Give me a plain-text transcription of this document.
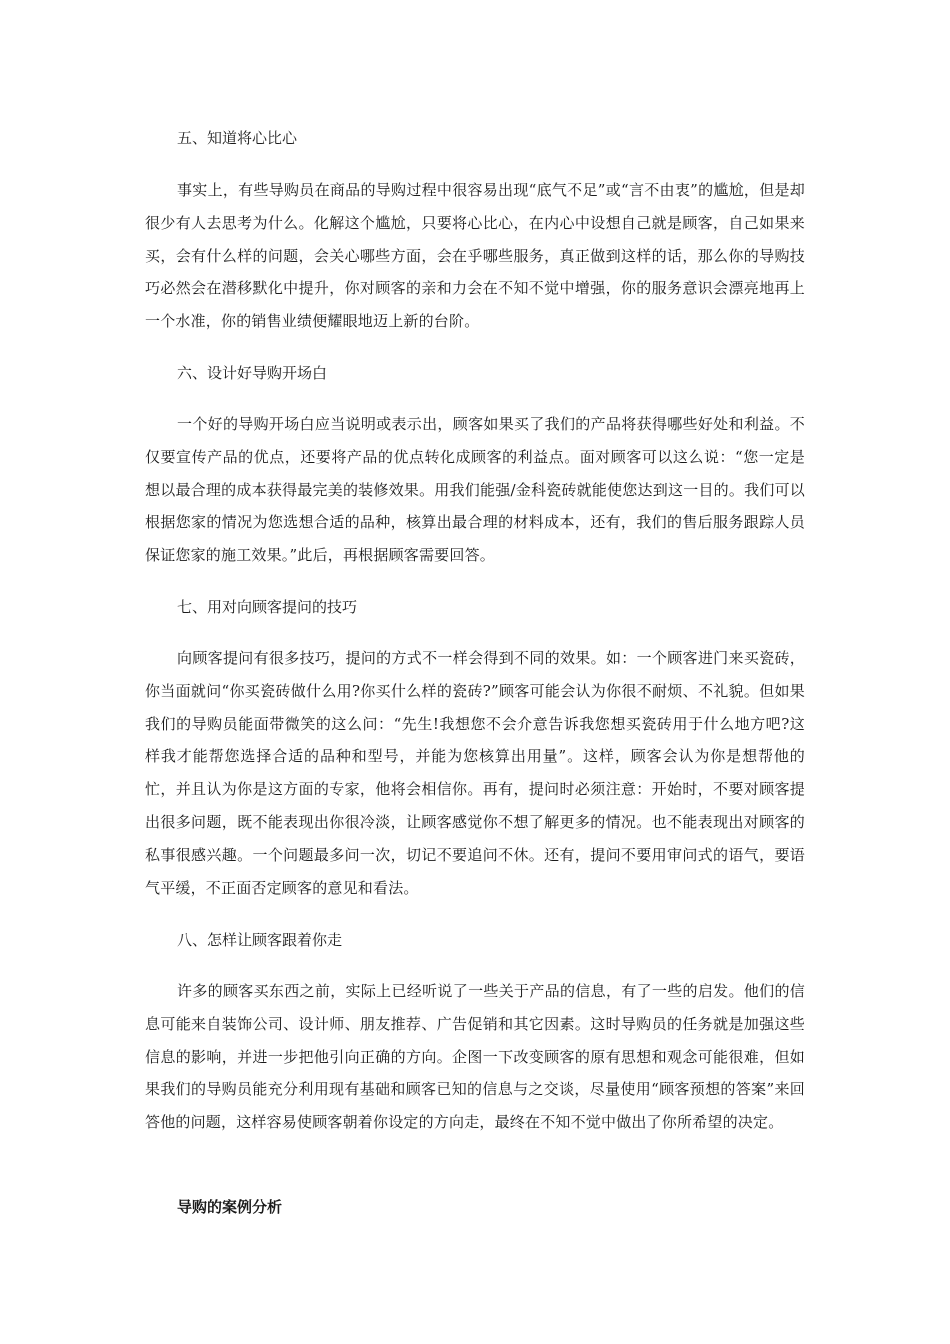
五、知道将心比心
事实上，有些导购员在商品的导购过程中很容易出现“底气不足”或“言不由衷”的尴尬，但是却很少有人去思考为什么。化解这个尴尬，只要将心比心，在内心中设想自己就是顾客，自己如果来买，会有什么样的问题，会关心哪些方面，会在乎哪些服务，真正做到这样的话，那么你的导购技巧必然会在潜移默化中提升，你对顾客的亲和力会在不知不觉中增强，你的服务意识会漂亮地再上一个水准，你的销售业绩便耀眼地迈上新的台阶。
六、设计好导购开场白
一个好的导购开场白应当说明或表示出，顾客如果买了我们的产品将获得哪些好处和利益。不仅要宣传产品的优点，还要将产品的优点转化成顾客的利益点。面对顾客可以这么说：“您一定是想以最合理的成本获得最完美的装修效果。用我们能强/金科瓷砖就能使您达到这一目的。我们可以根据您家的情况为您选想合适的品种，核算出最合理的材料成本，还有，我们的售后服务跟踪人员保证您家的施工效果。”此后，再根据顾客需要回答。
七、用对向顾客提问的技巧
向顾客提问有很多技巧，提问的方式不一样会得到不同的效果。如：一个顾客进门来买瓷砖，你当面就问“你买瓷砖做什么用?你买什么样的瓷砖?”顾客可能会认为你很不耐烦、不礼貌。但如果我们的导购员能面带微笑的这么问：“先生!我想您不会介意告诉我您想买瓷砖用于什么地方吧?这样我才能帮您选择合适的品种和型号，并能为您核算出用量”。这样，顾客会认为你是想帮他的忙，并且认为你是这方面的专家，他将会相信你。再有，提问时必须注意：开始时，不要对顾客提出很多问题，既不能表现出你很冷淡，让顾客感觉你不想了解更多的情况。也不能表现出对顾客的私事很感兴趣。一个问题最多问一次，切记不要追问不休。还有，提问不要用审问式的语气，要语气平缓，不正面否定顾客的意见和看法。
八、怎样让顾客跟着你走
许多的顾客买东西之前，实际上已经听说了一些关于产品的信息，有了一些的启发。他们的信息可能来自装饰公司、设计师、朋友推荐、广告促销和其它因素。这时导购员的任务就是加强这些信息的影响，并进一步把他引向正确的方向。企图一下改变顾客的原有思想和观念可能很难，但如果我们的导购员能充分利用现有基础和顾客已知的信息与之交谈，尽量使用“顾客预想的答案”来回答他的问题，这样容易使顾客朝着你设定的方向走，最终在不知不觉中做出了你所希望的决定。
导购的案例分析
